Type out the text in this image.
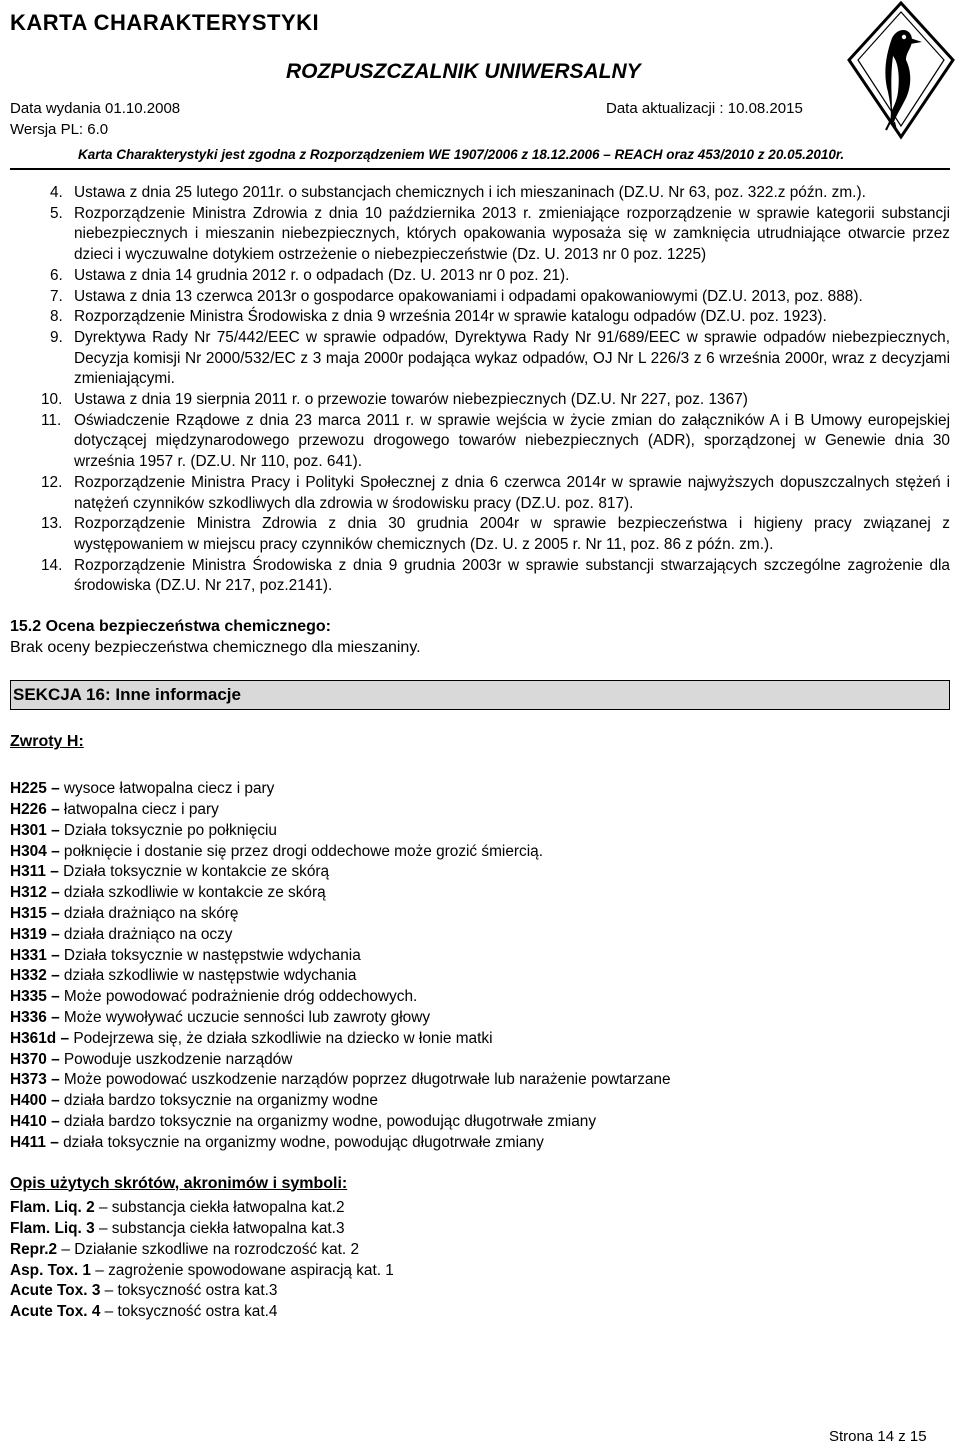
KARTA CHARAKTERYSTYKI
ROZPUSZCZALNIK UNIWERSALNY
Data wydania 01.10.2008	Data aktualizacji : 10.08.2015
Wersja PL: 6.0
Karta Charakterystyki jest zgodna z Rozporządzeniem WE 1907/2006 z 18.12.2006 – REACH oraz 453/2010 z 20.05.2010r.
4. Ustawa z dnia 25 lutego 2011r. o substancjach chemicznych i ich mieszaninach (DZ.U. Nr 63, poz. 322.z późn. zm.).
5. Rozporządzenie Ministra Zdrowia z dnia 10 października 2013 r. zmieniające rozporządzenie w sprawie kategorii substancji niebezpiecznych i mieszanin niebezpiecznych, których opakowania wyposaża się w zamknięcia utrudniające otwarcie przez dzieci i wyczuwalne dotykiem ostrzeżenie o niebezpieczeństwie (Dz. U. 2013 nr 0 poz. 1225)
6. Ustawa z dnia 14 grudnia 2012 r. o odpadach (Dz. U. 2013 nr 0 poz. 21).
7. Ustawa z dnia 13 czerwca 2013r o gospodarce opakowaniami i odpadami opakowaniowymi (DZ.U. 2013, poz. 888).
8. Rozporządzenie Ministra Środowiska z dnia 9 września 2014r w sprawie katalogu odpadów (DZ.U. poz. 1923).
9. Dyrektywa Rady Nr 75/442/EEC w sprawie odpadów, Dyrektywa Rady Nr 91/689/EEC w sprawie odpadów niebezpiecznych, Decyzja komisji Nr 2000/532/EC z 3 maja 2000r podająca wykaz odpadów, OJ Nr L 226/3 z 6 września 2000r, wraz z decyzjami zmieniającymi.
10. Ustawa z dnia 19 sierpnia 2011 r. o przewozie towarów niebezpiecznych (DZ.U. Nr 227, poz. 1367)
11. Oświadczenie Rządowe z dnia 23 marca 2011 r. w sprawie wejścia w życie zmian do załączników A i B Umowy europejskiej dotyczącej międzynarodowego przewozu drogowego towarów niebezpiecznych (ADR), sporządzonej w Genewie dnia 30 września 1957 r. (DZ.U. Nr 110, poz. 641).
12. Rozporządzenie Ministra Pracy i Polityki Społecznej z dnia 6 czerwca 2014r w sprawie najwyższych dopuszczalnych stężeń i natężeń czynników szkodliwych dla zdrowia w środowisku pracy (DZ.U. poz. 817).
13. Rozporządzenie Ministra Zdrowia z dnia 30 grudnia 2004r w sprawie bezpieczeństwa i higieny pracy związanej z występowaniem w miejscu pracy czynników chemicznych (Dz. U. z 2005 r. Nr 11, poz. 86 z późn. zm.).
14. Rozporządzenie Ministra Środowiska z dnia 9 grudnia 2003r w sprawie substancji stwarzających szczególne zagrożenie dla środowiska (DZ.U. Nr 217, poz.2141).
15.2 Ocena bezpieczeństwa chemicznego:
Brak oceny bezpieczeństwa chemicznego dla mieszaniny.
SEKCJA 16: Inne informacje
Zwroty H:
H225 – wysoce łatwopalna ciecz i pary
H226 – łatwopalna ciecz i pary
H301 – Działa toksycznie po połknięciu
H304 – połknięcie i dostanie się przez drogi oddechowe może grozić śmiercią.
H311 – Działa toksycznie w kontakcie ze skórą
H312 – działa szkodliwie w kontakcie ze skórą
H315 – działa drażniąco na skórę
H319 – działa drażniąco na oczy
H331 – Działa toksycznie w następstwie wdychania
H332 – działa szkodliwie w następstwie wdychania
H335 – Może powodować podrażnienie dróg oddechowych.
H336 – Może wywoływać uczucie senności lub zawroty głowy
H361d – Podejrzewa się, że działa szkodliwie na dziecko w łonie matki
H370 – Powoduje uszkodzenie narządów
H373 – Może powodować uszkodzenie narządów poprzez długotrwałe lub narażenie powtarzane
H400 – działa bardzo toksycznie na organizmy wodne
H410 – działa bardzo toksycznie na organizmy wodne, powodując długotrwałe zmiany
H411 – działa toksycznie na organizmy wodne, powodując długotrwałe zmiany
Opis użytych skrótów, akronimów i symboli:
Flam. Liq. 2 – substancja ciekła łatwopalna kat.2
Flam. Liq. 3 – substancja ciekła łatwopalna kat.3
Repr.2 – Działanie szkodliwe na rozrodczość kat. 2
Asp. Tox. 1 – zagrożenie spowodowane aspiracją kat. 1
Acute Tox. 3 – toksyczność ostra kat.3
Acute Tox. 4 – toksyczność ostra kat.4
Strona 14 z 15
